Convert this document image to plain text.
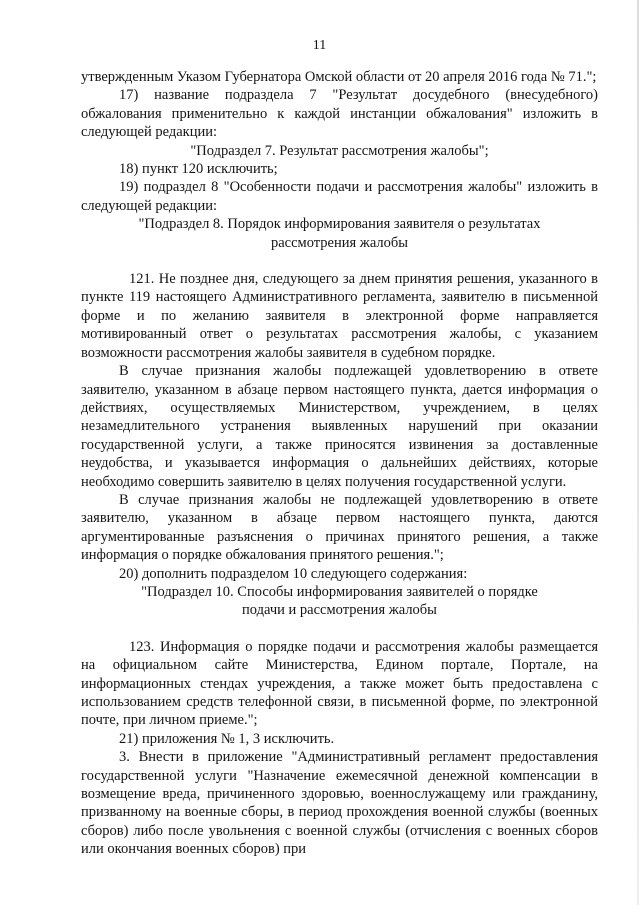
11

утвержденным Указом Губернатора Омской области от 20 апреля 2016 года № 71.";

17) название подраздела 7 "Результат досудебного (внесудебного) обжалования применительно к каждой инстанции обжалования" изложить в следующей редакции:

"Подраздел 7. Результат рассмотрения жалобы";

18) пункт 120 исключить;

19) подраздел 8 "Особенности подачи и рассмотрения жалобы" изложить в следующей редакции:

"Подраздел 8. Порядок информирования заявителя о результатах рассмотрения жалобы

121. Не позднее дня, следующего за днем принятия решения, указанного в пункте 119 настоящего Административного регламента, заявителю в письменной форме и по желанию заявителя в электронной форме направляется мотивированный ответ о результатах рассмотрения жалобы, с указанием возможности рассмотрения жалобы заявителя в судебном порядке.

В случае признания жалобы подлежащей удовлетворению в ответе заявителю, указанном в абзаце первом настоящего пункта, дается информация о действиях, осуществляемых Министерством, учреждением, в целях незамедлительного устранения выявленных нарушений при оказании государственной услуги, а также приносятся извинения за доставленные неудобства, и указывается информация о дальнейших действиях, которые необходимо совершить заявителю в целях получения государственной услуги.

В случае признания жалобы не подлежащей удовлетворению в ответе заявителю, указанном в абзаце первом настоящего пункта, даются аргументированные разъяснения о причинах принятого решения, а также информация о порядке обжалования принятого решения.";

20) дополнить подразделом 10 следующего содержания:

"Подраздел 10. Способы информирования заявителей о порядке подачи и рассмотрения жалобы

123. Информация о порядке подачи и рассмотрения жалобы размещается на официальном сайте Министерства, Едином портале, Портале, на информационных стендах учреждения, а также может быть предоставлена с использованием средств телефонной связи, в письменной форме, по электронной почте, при личном приеме.";

21) приложения № 1, 3 исключить.

3. Внести в приложение "Административный регламент предоставления государственной услуги "Назначение ежемесячной денежной компенсации в возмещение вреда, причиненного здоровью, военнослужащему или гражданину, призванному на военные сборы, в период прохождения военной службы (военных сборов) либо после увольнения с военной службы (отчисления с военных сборов или окончания военных сборов) при
